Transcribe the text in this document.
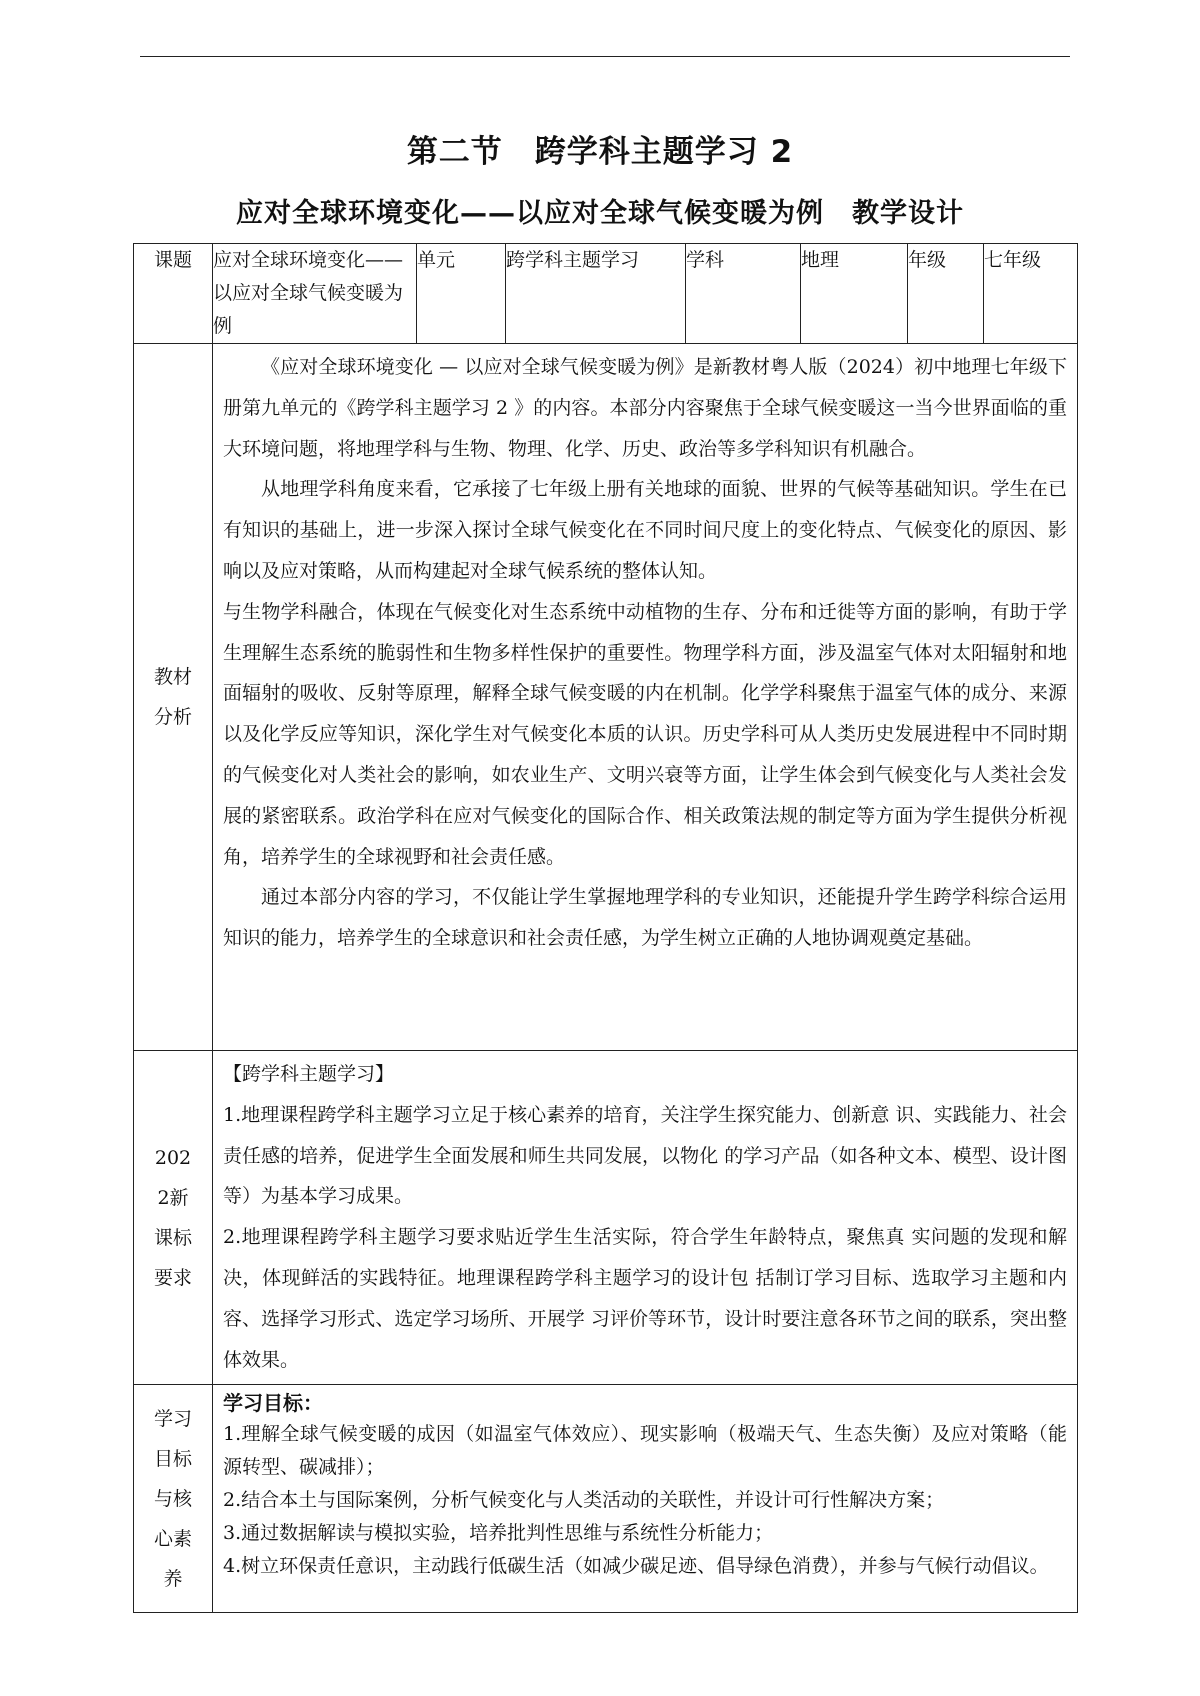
第二节　跨学科主题学习 2
应对全球环境变化——以应对全球气候变暖为例　教学设计
课题	应对全球环境变化——以应对全球气候变暖为例	单元	跨学科主题学习	学科	地理	年级	七年级

教材分析	《应对全球环境变化 — 以应对全球气候变暖为例》是新教材粤人版（2024）初中地理七年级下册第九单元的《跨学科主题学习 2 》的内容。本部分内容聚焦于全球气候变暖这一当今世界面临的重大环境问题，将地理学科与生物、物理、化学、历史、政治等多学科知识有机融合。

从地理学科角度来看，它承接了七年级上册有关地球的面貌、世界的气候等基础知识。学生在已有知识的基础上，进一步深入探讨全球气候变化在不同时间尺度上的变化特点、气候变化的原因、影响以及应对策略，从而构建起对全球气候系统的整体认知。

与生物学科融合，体现在气候变化对生态系统中动植物的生存、分布和迁徙等方面的影响，有助于学生理解生态系统的脆弱性和生物多样性保护的重要性。物理学科方面，涉及温室气体对太阳辐射和地面辐射的吸收、反射等原理，解释全球气候变暖的内在机制。化学学科聚焦于温室气体的成分、来源以及化学反应等知识，深化学生对气候变化本质的认识。历史学科可从人类历史发展进程中不同时期的气候变化对人类社会的影响，如农业生产、文明兴衰等方面，让学生体会到气候变化与人类社会发展的紧密联系。政治学科在应对气候变化的国际合作、相关政策法规的制定等方面为学生提供分析视角，培养学生的全球视野和社会责任感。

通过本部分内容的学习，不仅能让学生掌握地理学科的专业知识，还能提升学生跨学科综合运用知识的能力，培养学生的全球意识和社会责任感，为学生树立正确的人地协调观奠定基础。						

2022新课标要求	【跨学科主题学习】

1.地理课程跨学科主题学习立足于核心素养的培育，关注学生探究能力、创新意 识、实践能力、社会责任感的培养，促进学生全面发展和师生共同发展，以物化 的学习产品（如各种文本、模型、设计图等）为基本学习成果。

2.地理课程跨学科主题学习要求贴近学生生活实际，符合学生年龄特点，聚焦真 实问题的发现和解决，体现鲜活的实践特征。地理课程跨学科主题学习的设计包 括制订学习目标、选取学习主题和内容、选择学习形式、选定学习场所、开展学 习评价等环节，设计时要注意各环节之间的联系，突出整体效果。						

学习目标与核心素养	学习目标：

1.理解全球气候变暖的成因（如温室气体效应）、现实影响（极端天气、生态失衡）及应对策略（能源转型、碳减排）；

2.结合本土与国际案例，分析气候变化与人类活动的关联性，并设计可行性解决方案；

3.通过数据解读与模拟实验，培养批判性思维与系统性分析能力；

4.树立环保责任意识，主动践行低碳生活（如减少碳足迹、倡导绿色消费），并参与气候行动倡议。						
